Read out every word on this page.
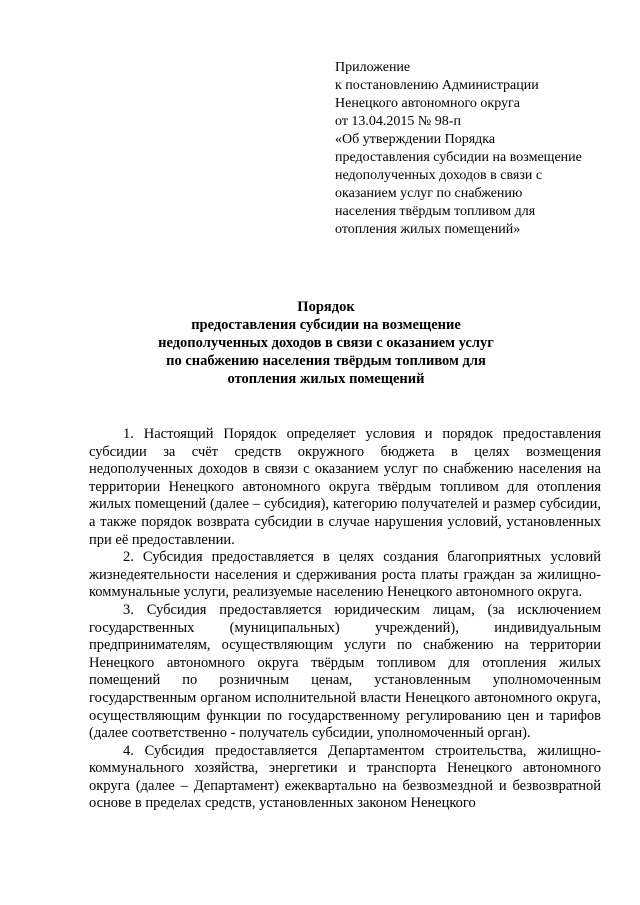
Приложение
к постановлению Администрации
Ненецкого автономного округа
от 13.04.2015 № 98-п
«Об утверждении Порядка
предоставления субсидии на возмещение
недополученных доходов в связи с
оказанием услуг по снабжению
населения твёрдым топливом для
отопления жилых помещений»
Порядок
предоставления субсидии на возмещение
недополученных доходов в связи с оказанием услуг
по снабжению населения твёрдым топливом для
отопления жилых помещений

1. Настоящий Порядок определяет условия и порядок предоставления субсидии за счёт средств окружного бюджета в целях возмещения недополученных доходов в связи с оказанием услуг по снабжению населения на территории Ненецкого автономного округа твёрдым топливом для отопления жилых помещений (далее – субсидия), категорию получателей и размер субсидии, а также порядок возврата субсидии в случае нарушения условий, установленных при её предоставлении.

2. Субсидия предоставляется в целях создания благоприятных условий жизнедеятельности населения и сдерживания роста платы граждан за жилищно-коммунальные услуги, реализуемые населению Ненецкого автономного округа.

3. Субсидия предоставляется юридическим лицам, (за исключением государственных (муниципальных) учреждений), индивидуальным предпринимателям, осуществляющим услуги по снабжению на территории Ненецкого автономного округа твёрдым топливом для отопления жилых помещений по розничным ценам, установленным уполномоченным государственным органом исполнительной власти Ненецкого автономного округа, осуществляющим функции по государственному регулированию цен и тарифов (далее соответственно - получатель субсидии, уполномоченный орган).

4. Субсидия предоставляется Департаментом строительства, жилищно-коммунального хозяйства, энергетики и транспорта Ненецкого автономного округа (далее – Департамент) ежеквартально на безвозмездной и безвозвратной основе в пределах средств, установленных законом Ненецкого
